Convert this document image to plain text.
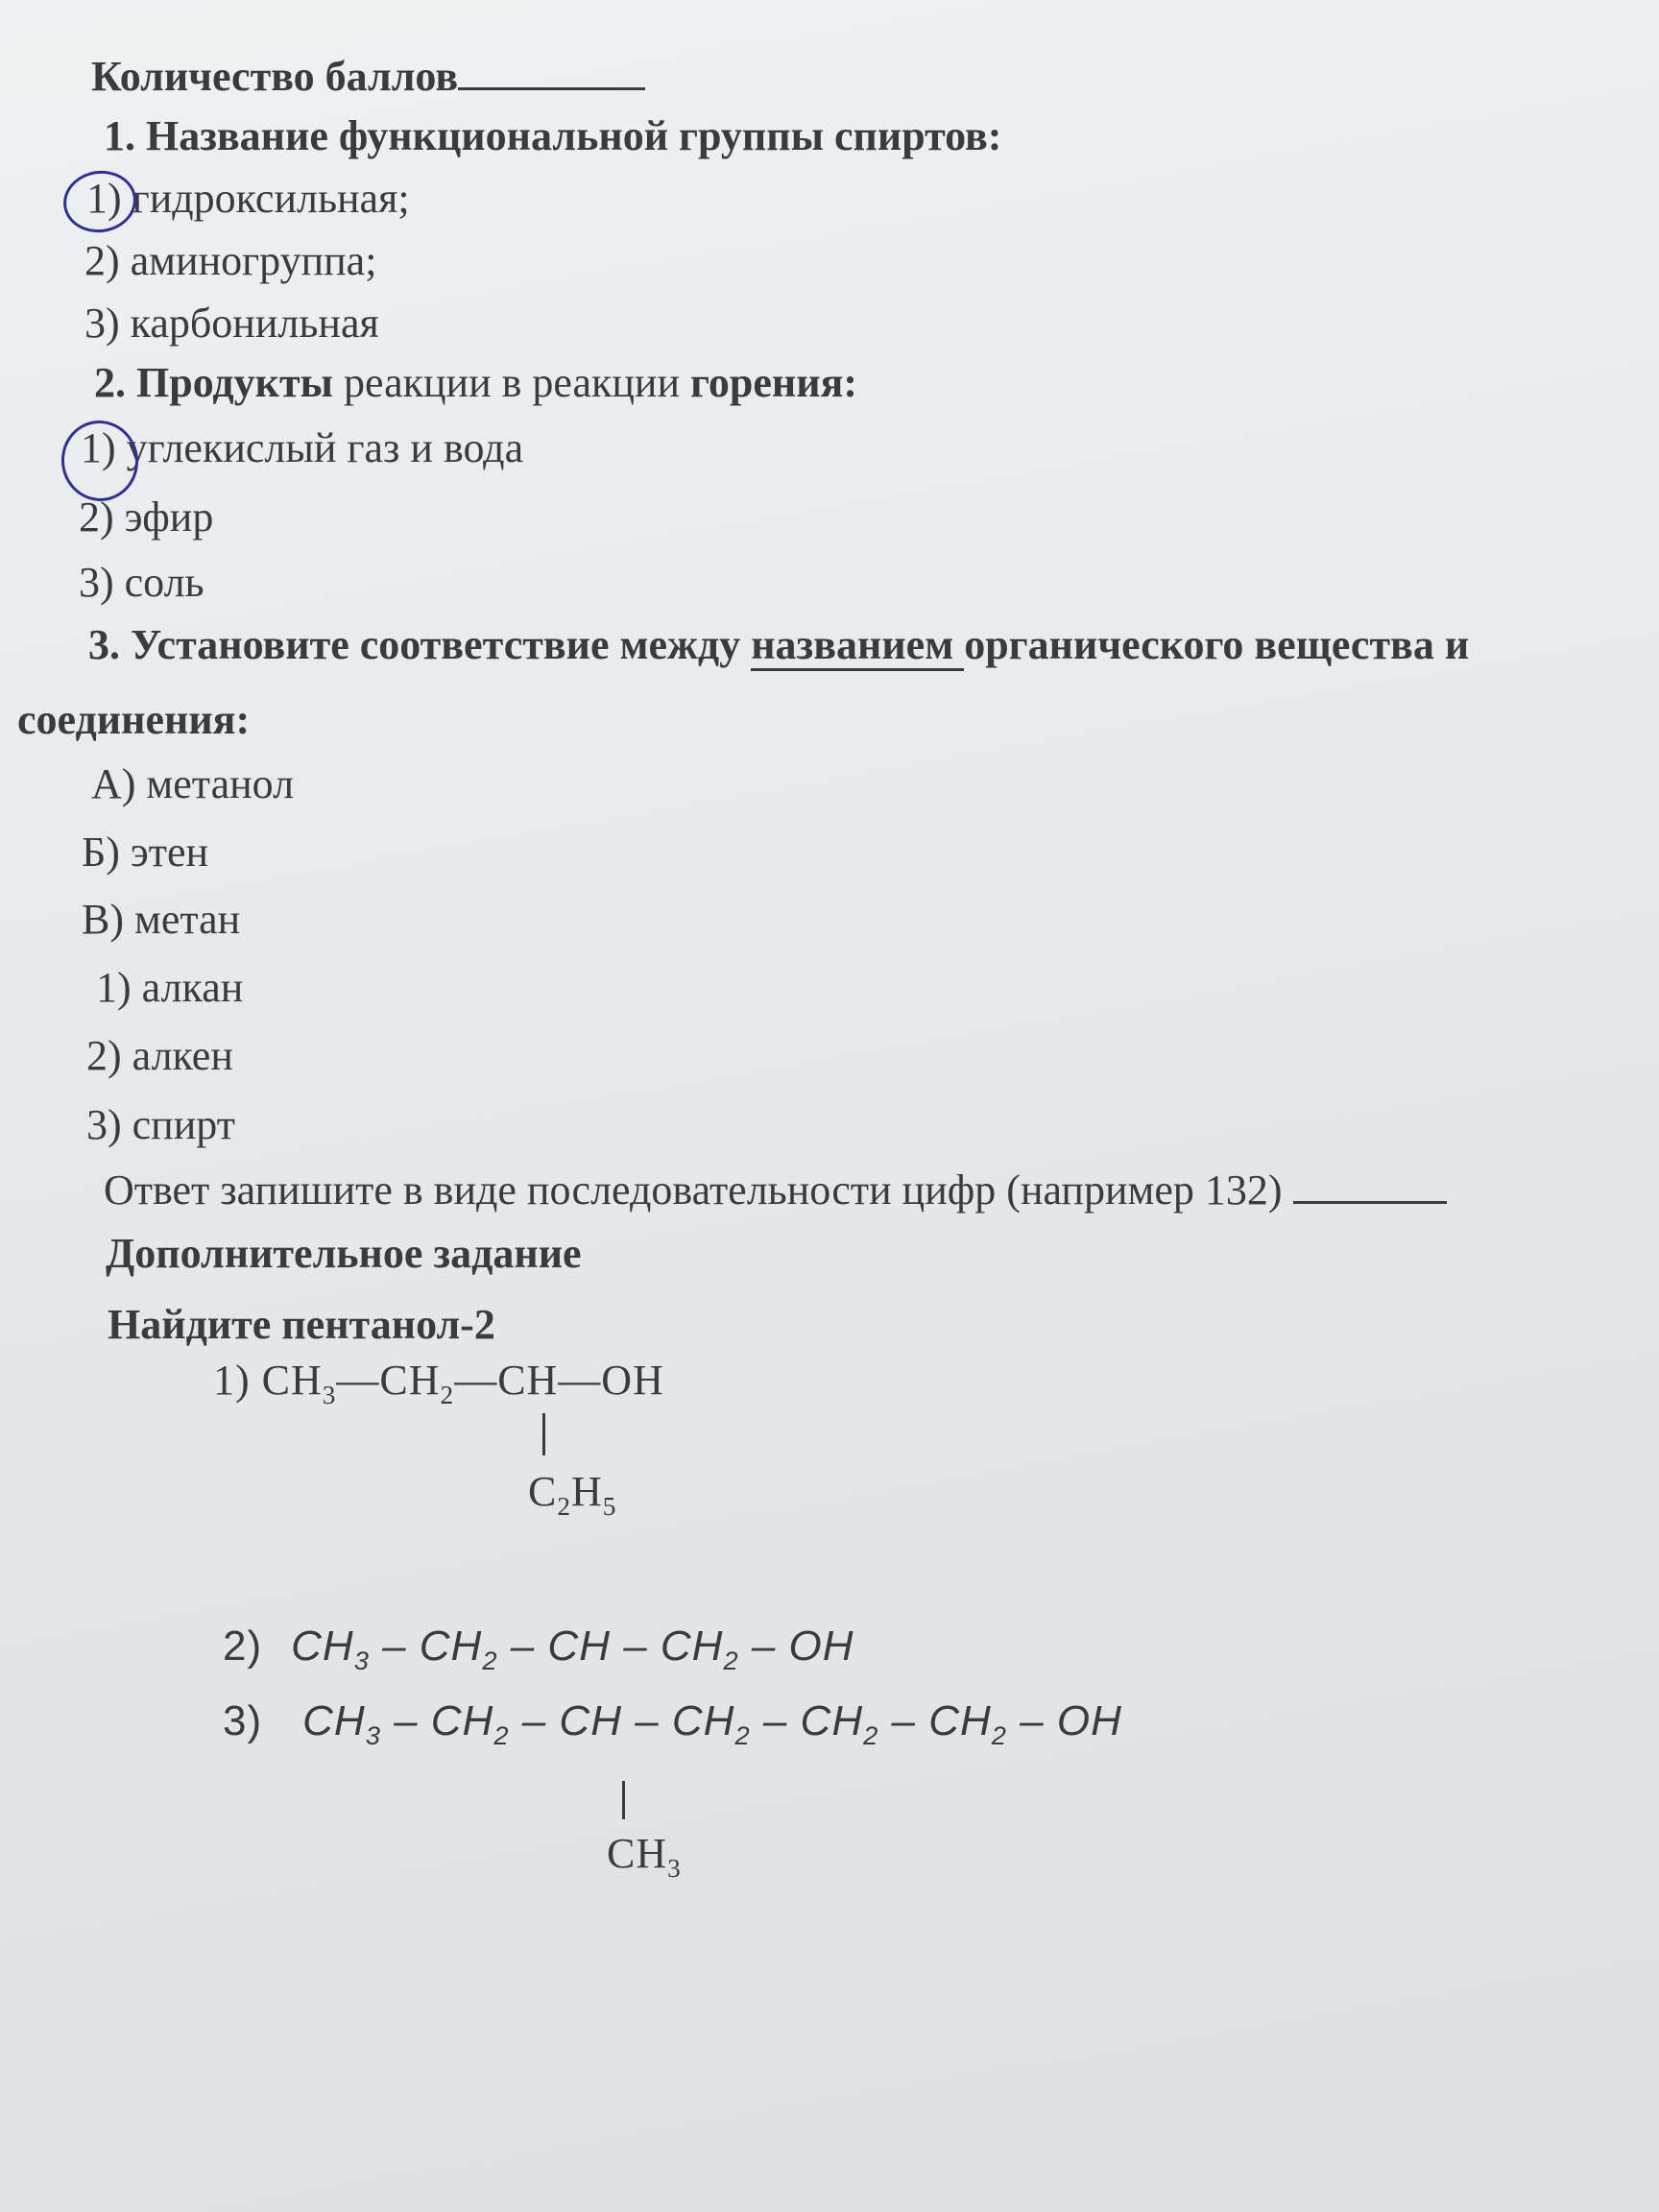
Количество баллов
1. Название функциональной группы спиртов:
1) гидроксильная;
2) аминогруппа;
3) карбонильная
2. Продукты реакции в реакции горения:
1) углекислый газ и вода
2) эфир
3) соль
3. Установите соответствие между названием органического вещества и
соединения:
А) метанол
Б) этен
В) метан
1) алкан
2) алкен
3) спирт
Ответ запишите в виде последовательности цифр (например 132)
Дополнительное задание
Найдите пентанол-2
1) $CH_3—CH_2—CH—OH$
$C_2H_5$
2) $CH_3 - CH_2$ – CH – $CH_2$ – OH
3) $CH_3 - CH_2$ – CH – $CH_2 - CH_2 - CH_2$ – OH
$CH_3$
